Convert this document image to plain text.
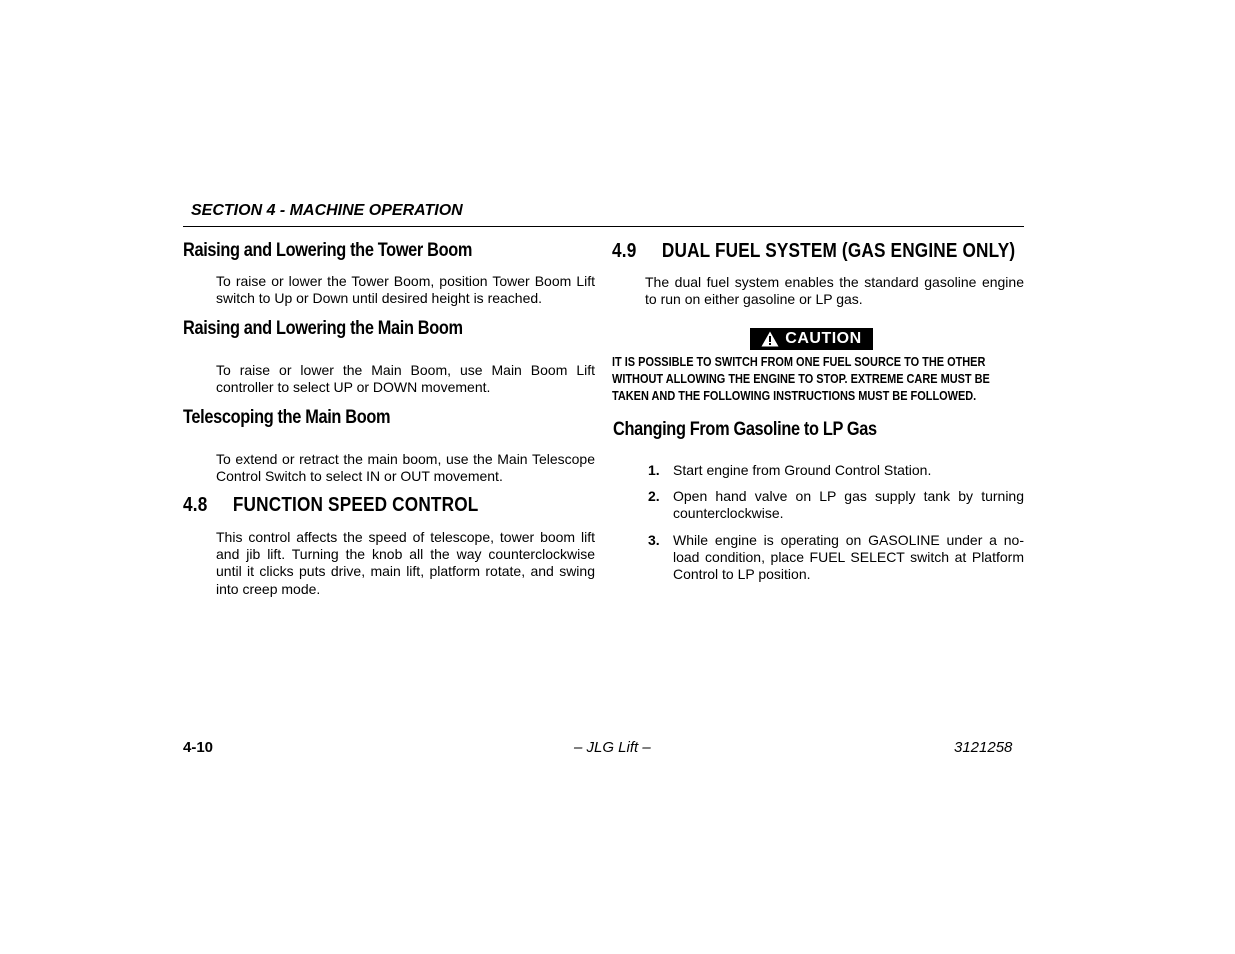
SECTION 4 - MACHINE OPERATION
Raising and Lowering the Tower Boom
To raise or lower the Tower Boom, position Tower Boom Lift switch to Up or Down until desired height is reached.
Raising and Lowering the Main Boom
To raise or lower the Main Boom, use Main Boom Lift controller to select UP or DOWN movement.
Telescoping the Main Boom
To extend or retract the main boom, use the Main Telescope Control Switch to select IN or OUT movement.
4.8 FUNCTION SPEED CONTROL
This control affects the speed of telescope, tower boom lift and jib lift. Turning the knob all the way counterclockwise until it clicks puts drive, main lift, platform rotate, and swing into creep mode.
4.9 DUAL FUEL SYSTEM (GAS ENGINE ONLY)
The dual fuel system enables the standard gasoline engine to run on either gasoline or LP gas.
CAUTION
IT IS POSSIBLE TO SWITCH FROM ONE FUEL SOURCE TO THE OTHER
WITHOUT ALLOWING THE ENGINE TO STOP. EXTREME CARE MUST BE
TAKEN AND THE FOLLOWING INSTRUCTIONS MUST BE FOLLOWED.
Changing From Gasoline to LP Gas
1. Start engine from Ground Control Station.
2. Open hand valve on LP gas supply tank by turning counterclockwise.
3. While engine is operating on GASOLINE under a no-load condition, place FUEL SELECT switch at Platform Control to LP position.
4-10	– JLG Lift –	3121258
